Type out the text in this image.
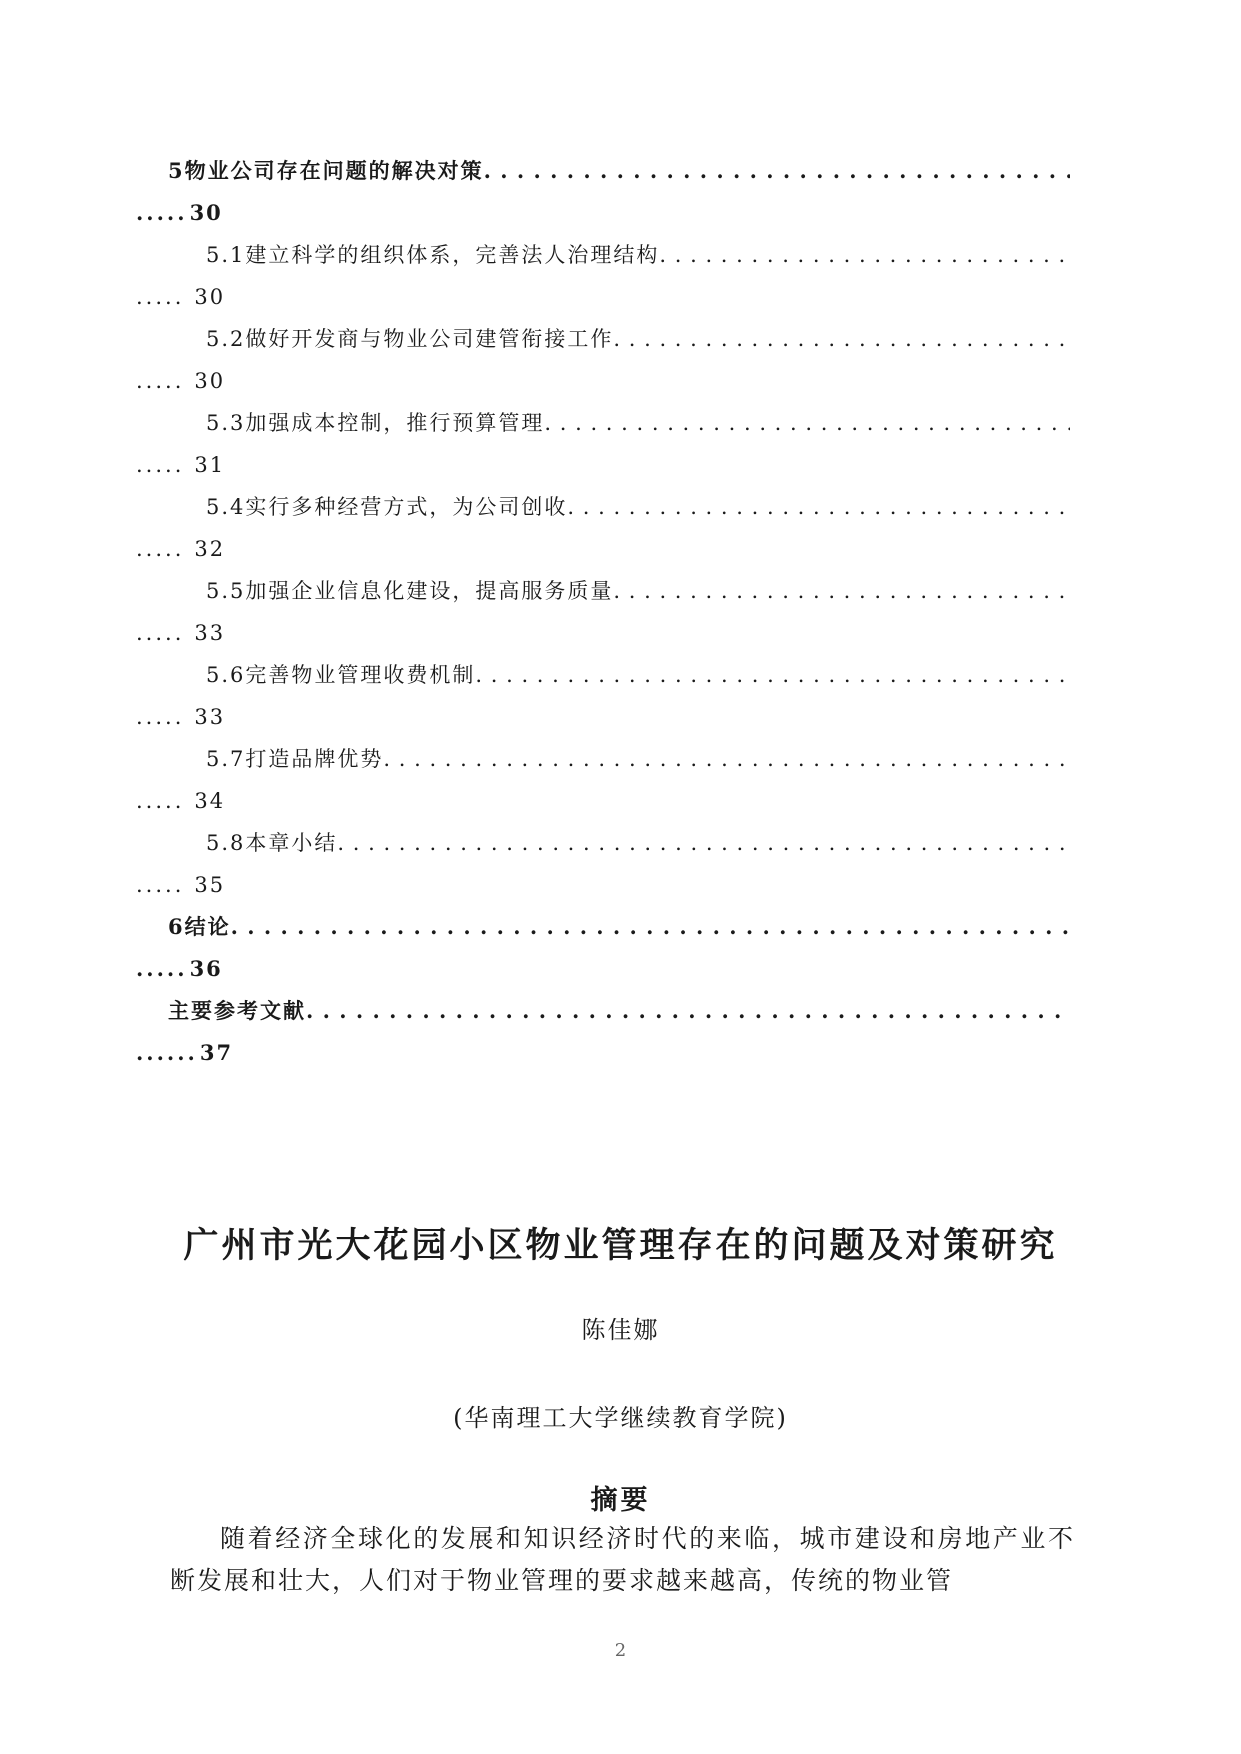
5物业公司存在问题的解决对策
. . .
.....30
5.1建立科学的组织体系，完善法人治理结构
. . .
..... 30
5.2做好开发商与物业公司建管衔接工作
. . .
..... 30
5.3加强成本控制，推行预算管理
. . .
..... 31
5.4实行多种经营方式，为公司创收
. . .
..... 32
5.5加强企业信息化建设，提高服务质量
. . .
..... 33
5.6完善物业管理收费机制
. . .
..... 33
5.7打造品牌优势
. . .
..... 34
5.8本章小结
. . .
..... 35
6结论
. . .
.....36
主要参考文献
. . .
......37
广州市光大花园小区物业管理存在的问题及对策研究
陈佳娜
(华南理工大学继续教育学院)
摘要
随着经济全球化的发展和知识经济时代的来临，城市建设和房地产业不断发展和壮大，人们对于物业管理的要求越来越高，传统的物业管
2
